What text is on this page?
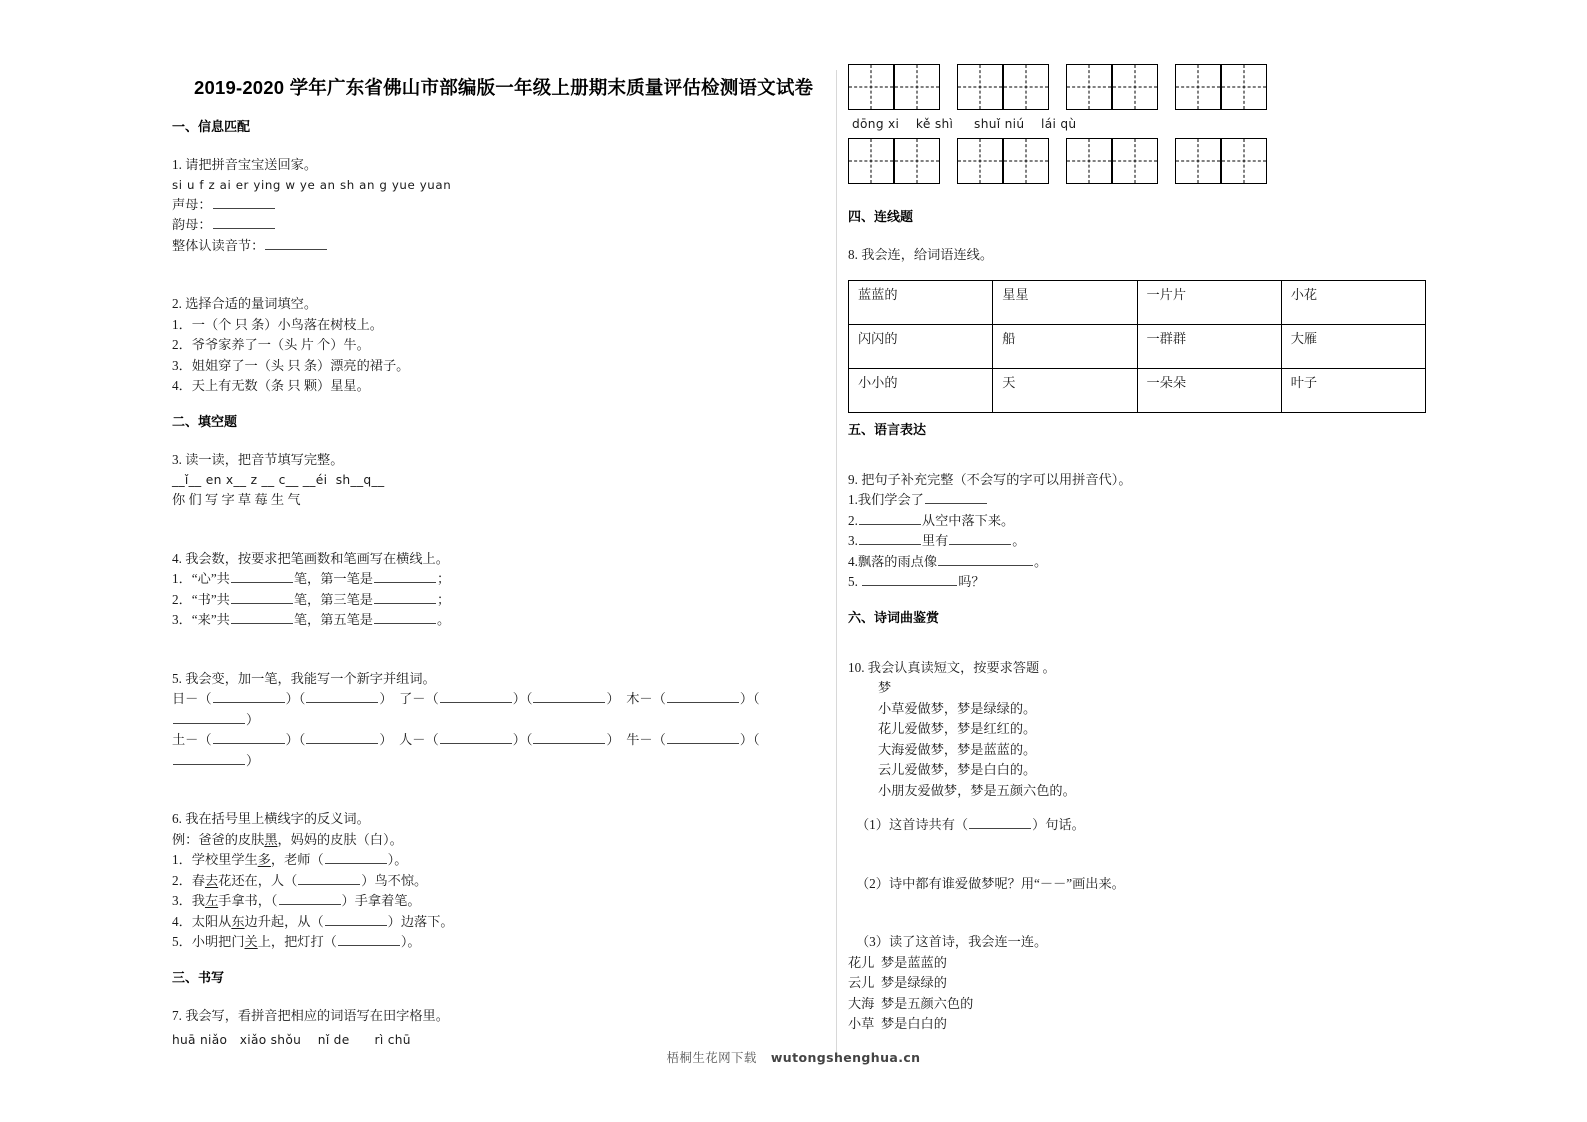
2019-2020 学年广东省佛山市部编版一年级上册期末质量评估检测语文试卷
一、信息匹配

1. 请把拼音宝宝送回家。

si u f z ai er ying w ye an sh an g yue yuan

声母：

韵母：

整体认读音节：

2. 选择合适的量词填空。

1．一（个 只 条）小鸟落在树枝上。

2．爷爷家养了一（头 片 个）牛。

3．姐姐穿了一（头 只 条）漂亮的裙子。

4．天上有无数（条 只 颗）星星。

二、填空题

3. 读一读，把音节填写完整。

__ǐ__ en x__ z __ c__ __éi  sh__q__

你 们 写 字 草 莓 生 气

4. 我会数，按要求把笔画数和笔画写在横线上。

1．“心”共	笔，第一笔是	；

2．“书”共	笔，第三笔是	；

3．“来”共	笔，第五笔是	。

5. 我会变，加一笔，我能写一个新字并组词。

日－（	）（	）  了－（	）（	）  木－（	）（）

土－（	）（	）  人－（	）（	）  牛－（	）（）

6. 我在括号里上横线字的反义词。

例：爸爸的皮肤黑，妈妈的皮肤（白）。

1．学校里学生多，老师（	）。

2．春去花还在，人（	）鸟不惊。

3．我左手拿书，（	）手拿着笔。

4．太阳从东边升起，从（	）边落下。

5．小明把门关上，把灯打（	）。

三、书写

7. 我会写，看拼音把相应的词语写在田字格里。

huā niǎo   xiǎo shǒu    nǐ de      rì chū

dōng xi    kě shì     shuǐ niú    lái qù

四、连线题

8. 我会连，给词语连线。

蓝蓝的	星星	一片片	小花
闪闪的	船	一群群	大雁
小小的	天	一朵朵	叶子
五、语言表达

9. 把句子补充完整（不会写的字可以用拼音代）。

1.我们学会了

2.	从空中落下来。

3.	里有	。

4.飘落的雨点像	。

5.	吗？

六、诗词曲鉴赏

10. 我会认真读短文，按要求答题 。

梦

小草爱做梦，梦是绿绿的。

花儿爱做梦，梦是红红的。

大海爱做梦，梦是蓝蓝的。

云儿爱做梦，梦是白白的。

小朋友爱做梦，梦是五颜六色的。

（1）这首诗共有（	）句话。

（2）诗中都有谁爱做梦呢？用“－－”画出来。

（3）读了这首诗，我会连一连。

花儿  梦是蓝蓝的

云儿  梦是绿绿的

大海  梦是五颜六色的

小草  梦是白白的

梧桐生花网下载 wutongshenghua.cn
